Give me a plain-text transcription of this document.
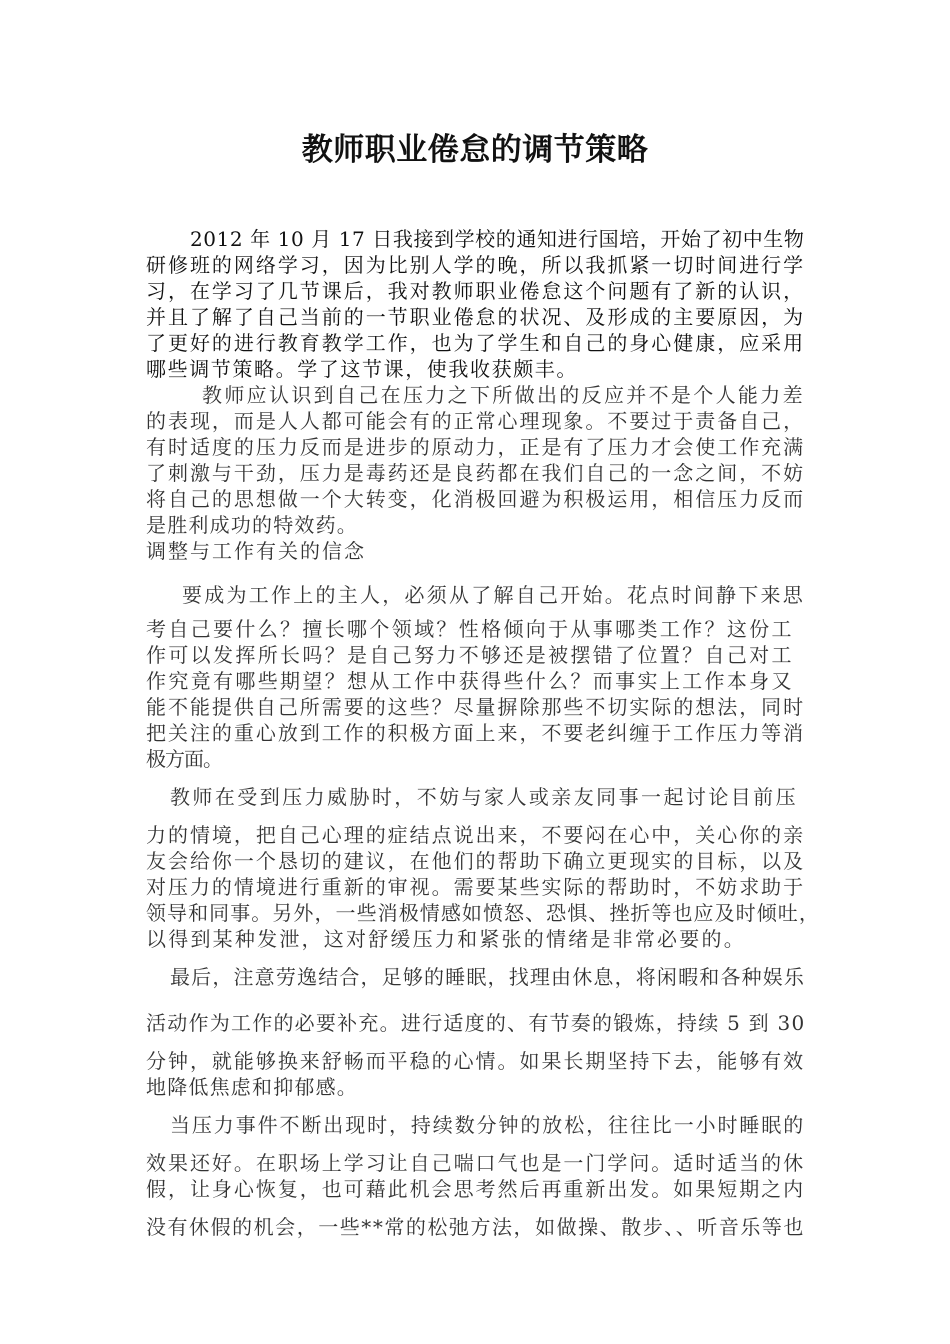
教师职业倦怠的调节策略
2012 年 10 月 17 日我接到学校的通知进行国培，开始了初中生物
研修班的网络学习，因为比别人学的晚，所以我抓紧一切时间进行学
习，在学习了几节课后，我对教师职业倦怠这个问题有了新的认识，
并且了解了自己当前的一节职业倦怠的状况、及形成的主要原因，为
了更好的进行教育教学工作，也为了学生和自己的身心健康，应采用
哪些调节策略。学了这节课，使我收获颇丰。
教师应认识到自己在压力之下所做出的反应并不是个人能力差
的表现，而是人人都可能会有的正常心理现象。不要过于责备自己，
有时适度的压力反而是进步的原动力，正是有了压力才会使工作充满
了刺激与干劲，压力是毒药还是良药都在我们自己的一念之间，不妨
将自己的思想做一个大转变，化消极回避为积极运用，相信压力反而
是胜利成功的特效药。
调整与工作有关的信念
要成为工作上的主人，必须从了解自己开始。花点时间静下来思
考自己要什么？擅长哪个领域？性格倾向于从事哪类工作？这份工
作可以发挥所长吗？是自己努力不够还是被摆错了位置？自己对工
作究竟有哪些期望？想从工作中获得些什么？而事实上工作本身又
能不能提供自己所需要的这些？尽量摒除那些不切实际的想法，同时
把关注的重心放到工作的积极方面上来，不要老纠缠于工作压力等消
极方面。
教师在受到压力威胁时，不妨与家人或亲友同事一起讨论目前压
力的情境，把自己心理的症结点说出来，不要闷在心中，关心你的亲
友会给你一个恳切的建议，在他们的帮助下确立更现实的目标，以及
对压力的情境进行重新的审视。需要某些实际的帮助时，不妨求助于
领导和同事。另外，一些消极情感如愤怒、恐惧、挫折等也应及时倾吐，
以得到某种发泄，这对舒缓压力和紧张的情绪是非常必要的。
最后，注意劳逸结合，足够的睡眠，找理由休息，将闲暇和各种娱乐
活动作为工作的必要补充。进行适度的、有节奏的锻炼，持续 5 到 30
分钟，就能够换来舒畅而平稳的心情。如果长期坚持下去，能够有效
地降低焦虑和抑郁感。
当压力事件不断出现时，持续数分钟的放松，往往比一小时睡眠的
效果还好。在职场上学习让自己喘口气也是一门学问。适时适当的休
假，让身心恢复，也可藉此机会思考然后再重新出发。如果短期之内
没有休假的机会，一些**常的松弛方法，如做操、散步、、听音乐等也
